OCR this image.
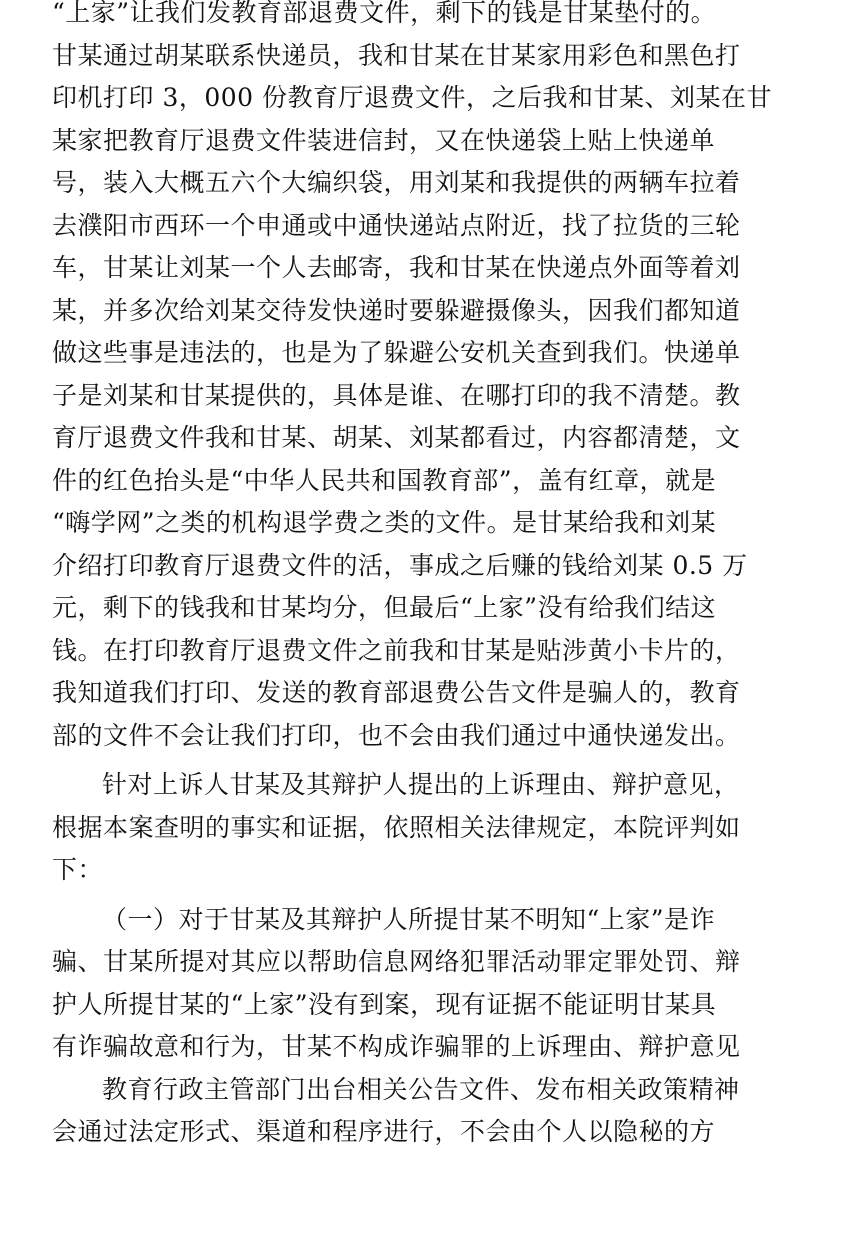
“上家”让我们发教育部退费文件，剩下的钱是甘某垫付的。
甘某通过胡某联系快递员，我和甘某在甘某家用彩色和黑色打
印机打印 3，000 份教育厅退费文件，之后我和甘某、刘某在甘
某家把教育厅退费文件装进信封，又在快递袋上贴上快递单
号，装入大概五六个大编织袋，用刘某和我提供的两辆车拉着
去濮阳市西环一个申通或中通快递站点附近，找了拉货的三轮
车，甘某让刘某一个人去邮寄，我和甘某在快递点外面等着刘
某，并多次给刘某交待发快递时要躲避摄像头，因我们都知道
做这些事是违法的，也是为了躲避公安机关查到我们。快递单
子是刘某和甘某提供的，具体是谁、在哪打印的我不清楚。教
育厅退费文件我和甘某、胡某、刘某都看过，内容都清楚，文
件的红色抬头是“中华人民共和国教育部”，盖有红章，就是
“嗨学网”之类的机构退学费之类的文件。是甘某给我和刘某
介绍打印教育厅退费文件的活，事成之后赚的钱给刘某 0.5 万
元，剩下的钱我和甘某均分，但最后“上家”没有给我们结这
钱。在打印教育厅退费文件之前我和甘某是贴涉黄小卡片的，
我知道我们打印、发送的教育部退费公告文件是骗人的，教育
部的文件不会让我们打印，也不会由我们通过中通快递发出。
针对上诉人甘某及其辩护人提出的上诉理由、辩护意见，
根据本案查明的事实和证据，依照相关法律规定，本院评判如
下：
（一）对于甘某及其辩护人所提甘某不明知“上家”是诈
骗、甘某所提对其应以帮助信息网络犯罪活动罪定罪处罚、辩
护人所提甘某的“上家”没有到案，现有证据不能证明甘某具
有诈骗故意和行为，甘某不构成诈骗罪的上诉理由、辩护意见
教育行政主管部门出台相关公告文件、发布相关政策精神
会通过法定形式、渠道和程序进行，不会由个人以隐秘的方
